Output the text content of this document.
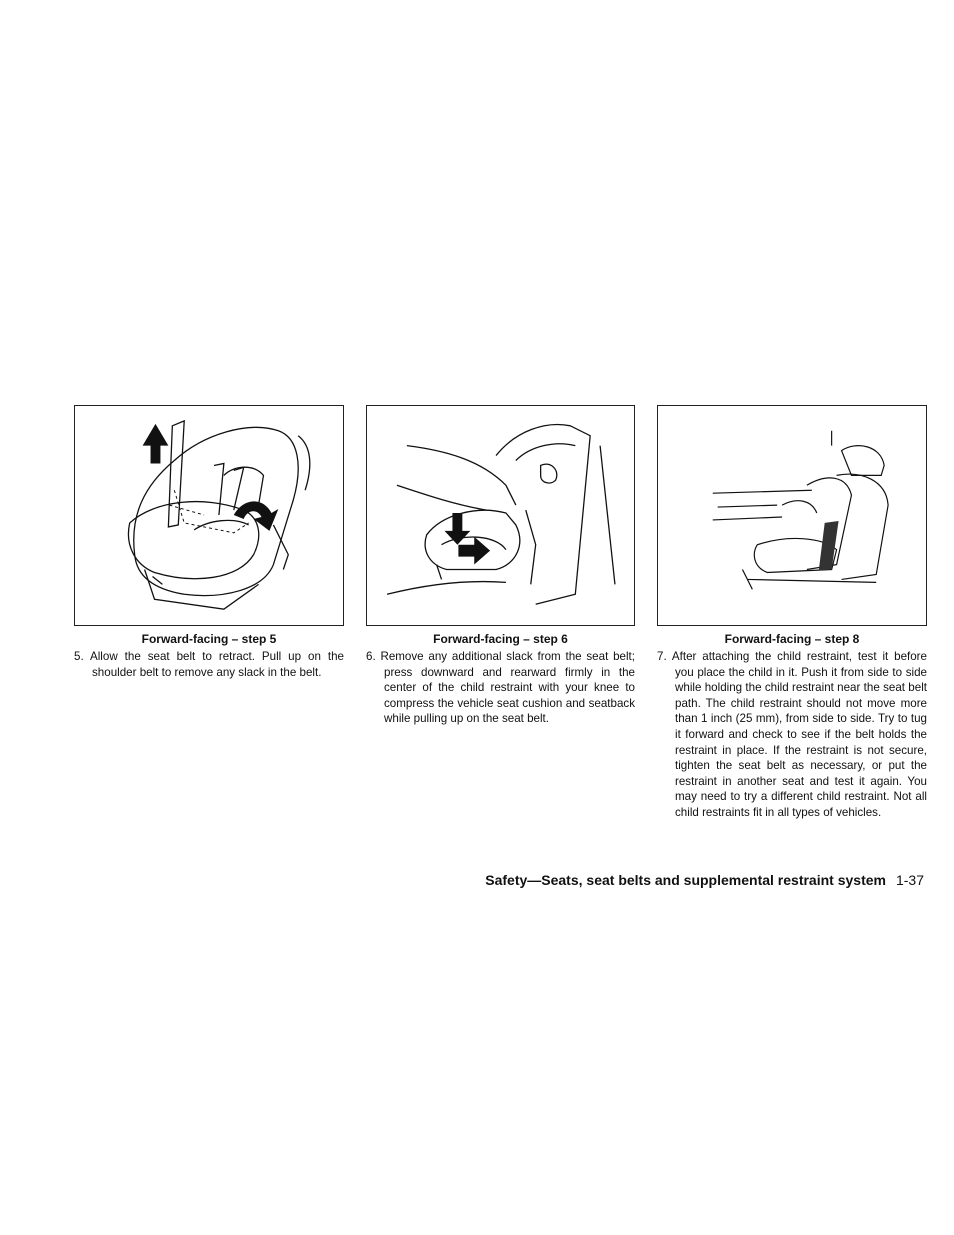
Forward-facing – step 5
5. Allow the seat belt to retract. Pull up on the shoulder belt to remove any slack in the belt.
Forward-facing – step 6
6. Remove any additional slack from the seat belt; press downward and rearward firmly in the center of the child restraint with your knee to compress the vehicle seat cushion and seatback while pulling up on the seat belt.
Forward-facing – step 8
7. After attaching the child restraint, test it before you place the child in it. Push it from side to side while holding the child restraint near the seat belt path. The child restraint should not move more than 1 inch (25 mm), from side to side. Try to tug it forward and check to see if the belt holds the restraint in place. If the restraint is not secure, tighten the seat belt as necessary, or put the restraint in another seat and test it again. You may need to try a different child restraint. Not all child restraints fit in all types of vehicles.
Safety—Seats, seat belts and supplemental restraint system 1-37
